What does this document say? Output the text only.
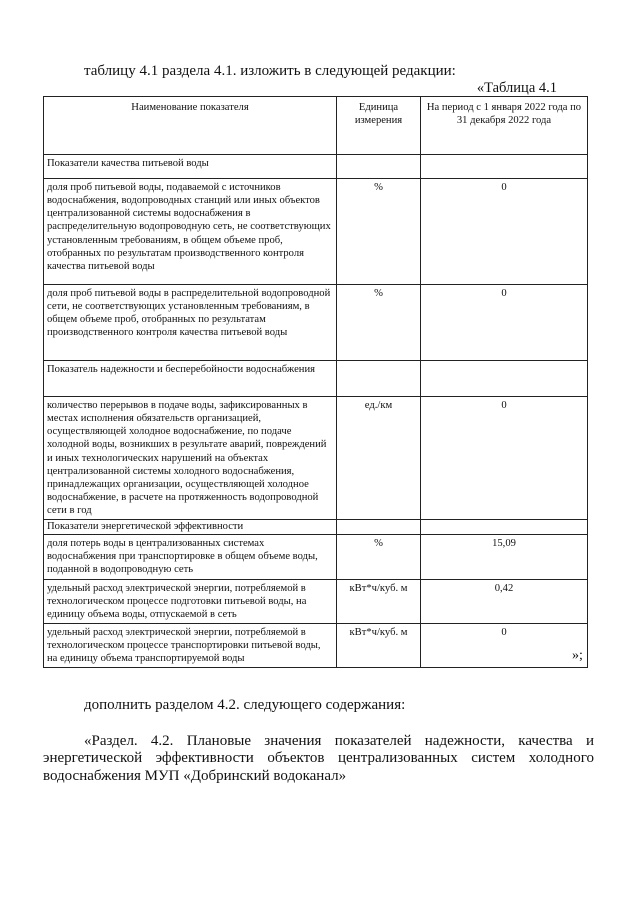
таблицу 4.1 раздела 4.1. изложить в следующей редакции:
«Таблица 4.1
Наименование показателя	Единица измерения	На период с 1 января 2022 года по 31 декабря 2022 года
Показатели качества питьевой воды		
доля проб питьевой воды, подаваемой с источников водоснабжения, водопроводных станций или иных объектов централизованной системы водоснабжения в распределительную водопроводную сеть, не соответствующих установленным требованиям, в общем объеме проб, отобранных по результатам производственного контроля качества питьевой воды	%	0
доля проб питьевой воды в распределительной водопроводной сети, не соответствующих установленным требованиям, в общем объеме проб, отобранных по результатам производственного контроля качества питьевой воды	%	0
Показатель надежности и бесперебойности водоснабжения		
количество перерывов в подаче воды, зафиксированных в местах исполнения обязательств организацией, осуществляющей холодное водоснабжение, по подаче холодной воды, возникших в результате аварий, повреждений и иных технологических нарушений на объектах централизованной системы холодного водоснабжения, принадлежащих организации, осуществляющей холодное водоснабжение, в расчете на протяженность водопроводной сети в год	ед./км	0
Показатели энергетической эффективности		
доля потерь воды в централизованных системах водоснабжения при транспортировке в общем объеме воды, поданной в водопроводную сеть	%	15,09
удельный расход электрической энергии, потребляемой в технологическом процессе подготовки питьевой воды, на единицу объема воды, отпускаемой в сеть	кВт*ч/куб. м	0,42
удельный расход электрической энергии, потребляемой в технологическом процессе транспортировки питьевой воды, на единицу объема транспортируемой воды	кВт*ч/куб. м	0
»;
дополнить разделом 4.2. следующего содержания:
«Раздел. 4.2. Плановые значения показателей надежности, качества и энергетической эффективности объектов централизованных систем холодного водоснабжения МУП «Добринский водоканал»
